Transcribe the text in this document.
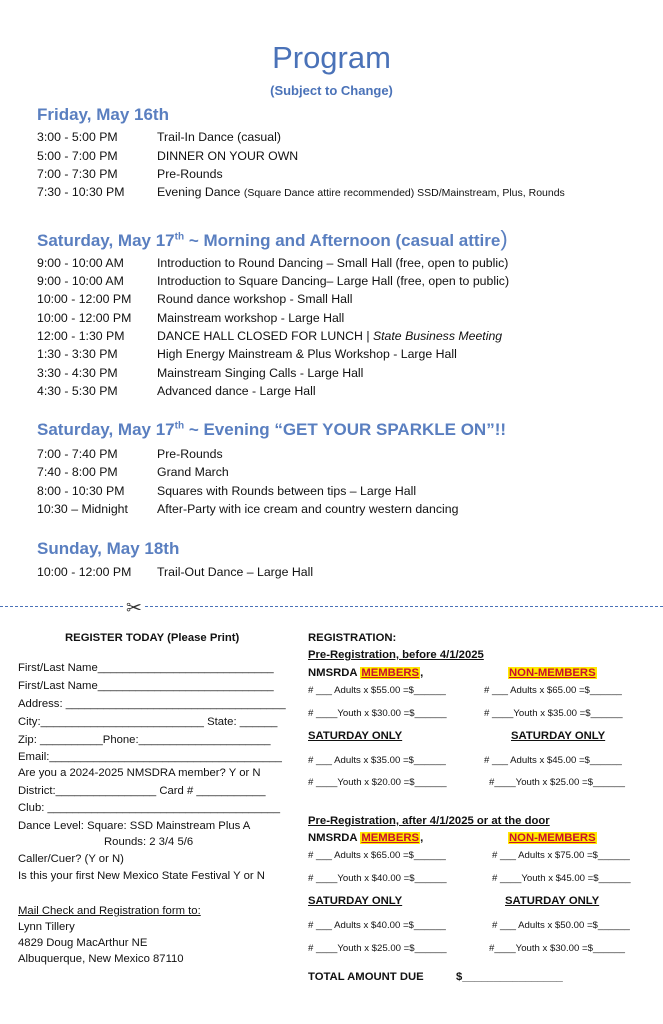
Program
(Subject to Change)
Friday, May 16th
3:00 - 5:00 PM	Trail-In Dance (casual)
5:00 - 7:00 PM	DINNER ON YOUR OWN
7:00 - 7:30 PM	Pre-Rounds
7:30 - 10:30 PM	Evening Dance (Square Dance attire recommended) SSD/Mainstream, Plus, Rounds
Saturday, May 17th ~ Morning and Afternoon (casual attire)
9:00 - 10:00 AM	Introduction to Round Dancing – Small Hall (free, open to public)
9:00 - 10:00 AM	Introduction to Square Dancing– Large Hall (free, open to public)
10:00 - 12:00 PM Round dance workshop - Small Hall
10:00 - 12:00 PM Mainstream workshop - Large Hall
12:00 - 1:30 PM	DANCE HALL CLOSED FOR LUNCH | State Business Meeting
1:30 - 3:30 PM	High Energy Mainstream & Plus Workshop - Large Hall
3:30 - 4:30 PM	Mainstream Singing Calls - Large Hall
4:30 - 5:30 PM	Advanced dance - Large Hall
Saturday, May 17th ~ Evening “GET YOUR SPARKLE ON”!!
7:00 - 7:40 PM	Pre-Rounds
7:40 - 8:00 PM	Grand March
8:00 - 10:30 PM	Squares with Rounds between tips – Large Hall
10:30 – Midnight After-Party with ice cream and country western dancing
Sunday, May 18th
10:00 - 12:00 PM Trail-Out Dance – Large Hall
✂
REGISTER TODAY (Please Print)
First/Last Name____________________________
First/Last Name____________________________
Address: ___________________________________
City:__________________________ State: ______
Zip: __________Phone:_____________________
Email:_____________________________________
Are you a 2024-2025 NMSDRA member? Y or N
District:________________ Card # ___________
Club: _____________________________________
Dance Level: Square: SSD Mainstream Plus A
Rounds: 2 3/4 5/6
Caller/Cuer? (Y or N)
Is this your first New Mexico State Festival Y or N
Mail Check and Registration form to:
Lynn Tillery
4829 Doug MacArthur NE
Albuquerque, New Mexico 87110
REGISTRATION:
Pre-Registration, before 4/1/2025
NMSRDA MEMBERS,	NON-MEMBERS
# ___ Adults x $55.00 =$______	# ___ Adults x $65.00 =$______
# ____Youth x $30.00 =$______	# ____Youth x $35.00 =$______
SATURDAY ONLY	SATURDAY ONLY
# ___ Adults x $35.00 =$______	# ___ Adults x $45.00 =$______
# ____Youth x $20.00 =$______	#____Youth x $25.00 =$______
Pre-Registration, after 4/1/2025 or at the door
NMSRDA MEMBERS,	NON-MEMBERS
# ___ Adults x $65.00 =$______	# ___ Adults x $75.00 =$______
# ____Youth x $40.00 =$______	# ____Youth x $45.00 =$______
SATURDAY ONLY	SATURDAY ONLY
# ___ Adults x $40.00 =$______	# ___ Adults x $50.00 =$______
# ____Youth x $25.00 =$______	#____Youth x $30.00 =$______
TOTAL AMOUNT DUE	$________________
